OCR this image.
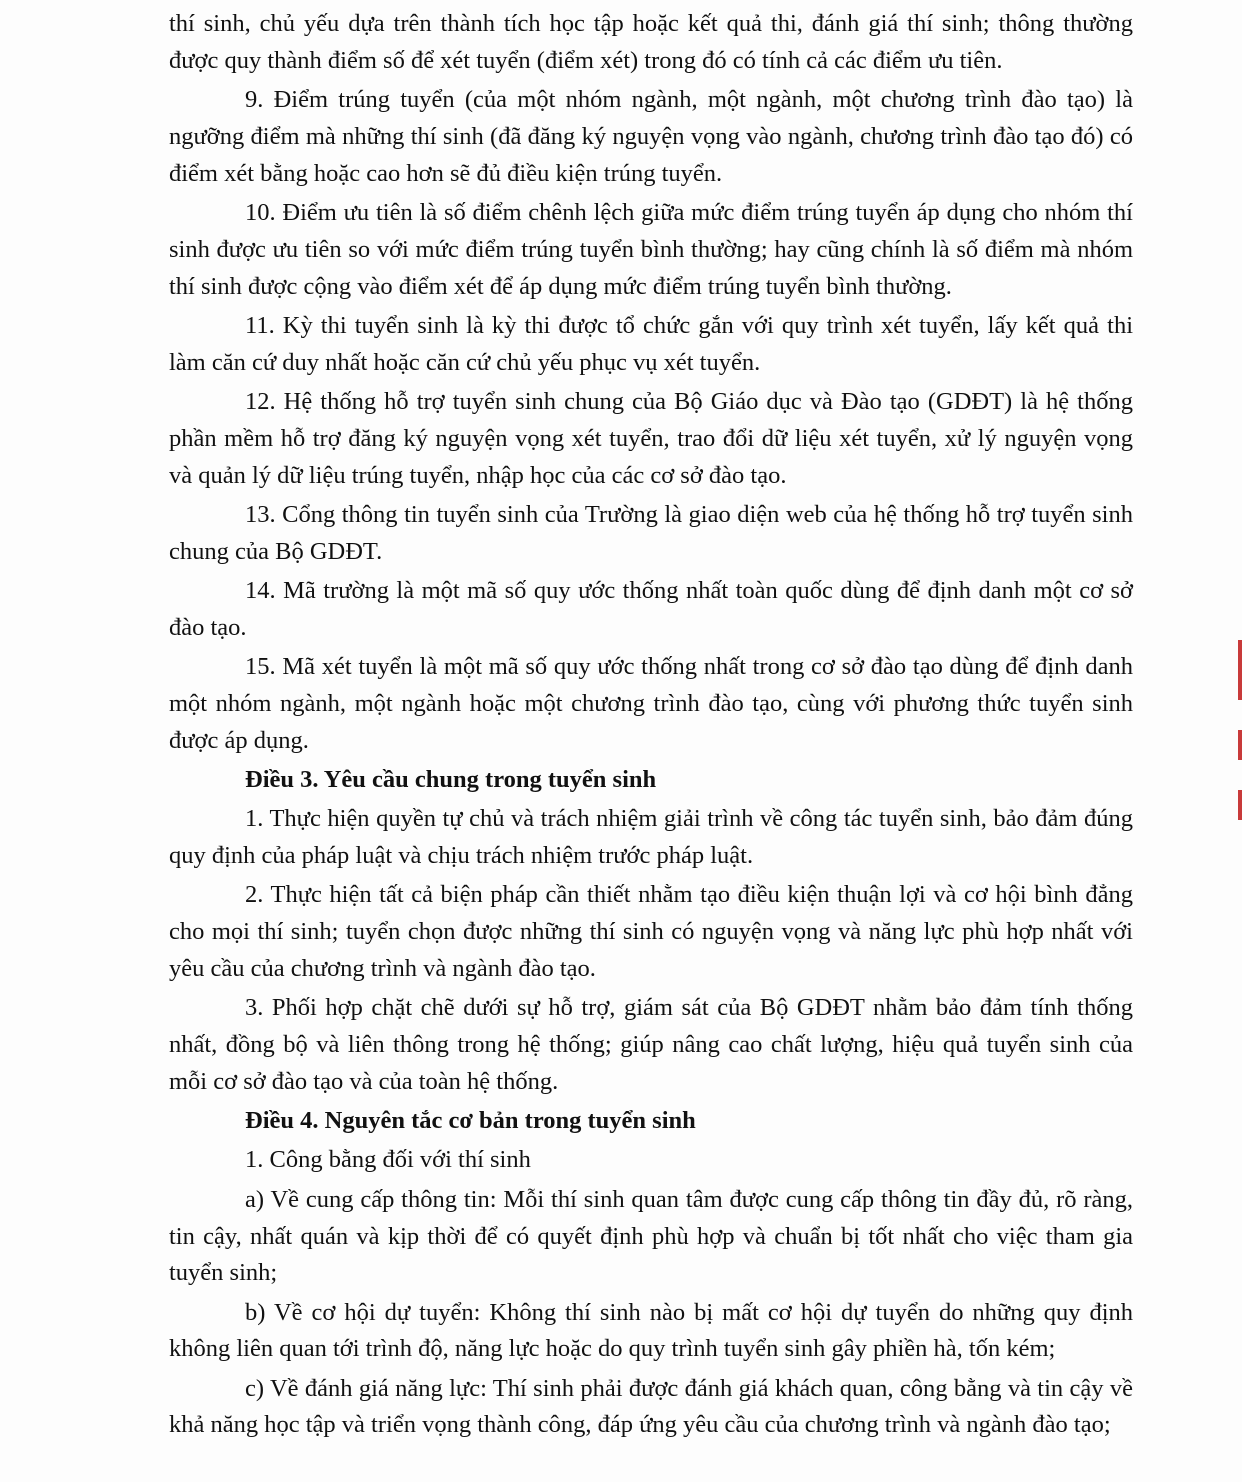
thí sinh, chủ yếu dựa trên thành tích học tập hoặc kết quả thi, đánh giá thí sinh; thông thường được quy thành điểm số để xét tuyển (điểm xét) trong đó có tính cả các điểm ưu tiên.

9. Điểm trúng tuyển (của một nhóm ngành, một ngành, một chương trình đào tạo) là ngưỡng điểm mà những thí sinh (đã đăng ký nguyện vọng vào ngành, chương trình đào tạo đó) có điểm xét bằng hoặc cao hơn sẽ đủ điều kiện trúng tuyển.

10. Điểm ưu tiên là số điểm chênh lệch giữa mức điểm trúng tuyển áp dụng cho nhóm thí sinh được ưu tiên so với mức điểm trúng tuyển bình thường; hay cũng chính là số điểm mà nhóm thí sinh được cộng vào điểm xét để áp dụng mức điểm trúng tuyển bình thường.

11. Kỳ thi tuyển sinh là kỳ thi được tổ chức gắn với quy trình xét tuyển, lấy kết quả thi làm căn cứ duy nhất hoặc căn cứ chủ yếu phục vụ xét tuyển.

12. Hệ thống hỗ trợ tuyển sinh chung của Bộ Giáo dục và Đào tạo (GDĐT) là hệ thống phần mềm hỗ trợ đăng ký nguyện vọng xét tuyển, trao đổi dữ liệu xét tuyển, xử lý nguyện vọng và quản lý dữ liệu trúng tuyển, nhập học của các cơ sở đào tạo.

13. Cổng thông tin tuyển sinh của Trường là giao diện web của hệ thống hỗ trợ tuyển sinh chung của Bộ GDĐT.

14. Mã trường là một mã số quy ước thống nhất toàn quốc dùng để định danh một cơ sở đào tạo.

15. Mã xét tuyển là một mã số quy ước thống nhất trong cơ sở đào tạo dùng để định danh một nhóm ngành, một ngành hoặc một chương trình đào tạo, cùng với phương thức tuyển sinh được áp dụng.

Điều 3. Yêu cầu chung trong tuyển sinh

1. Thực hiện quyền tự chủ và trách nhiệm giải trình về công tác tuyển sinh, bảo đảm đúng quy định của pháp luật và chịu trách nhiệm trước pháp luật.

2. Thực hiện tất cả biện pháp cần thiết nhằm tạo điều kiện thuận lợi và cơ hội bình đẳng cho mọi thí sinh; tuyển chọn được những thí sinh có nguyện vọng và năng lực phù hợp nhất với yêu cầu của chương trình và ngành đào tạo.

3. Phối hợp chặt chẽ dưới sự hỗ trợ, giám sát của Bộ GDĐT nhằm bảo đảm tính thống nhất, đồng bộ và liên thông trong hệ thống; giúp nâng cao chất lượng, hiệu quả tuyển sinh của mỗi cơ sở đào tạo và của toàn hệ thống.

Điều 4. Nguyên tắc cơ bản trong tuyển sinh

1. Công bằng đối với thí sinh

a) Về cung cấp thông tin: Mỗi thí sinh quan tâm được cung cấp thông tin đầy đủ, rõ ràng, tin cậy, nhất quán và kịp thời để có quyết định phù hợp và chuẩn bị tốt nhất cho việc tham gia tuyển sinh;

b) Về cơ hội dự tuyển: Không thí sinh nào bị mất cơ hội dự tuyển do những quy định không liên quan tới trình độ, năng lực hoặc do quy trình tuyển sinh gây phiền hà, tốn kém;

c) Về đánh giá năng lực: Thí sinh phải được đánh giá khách quan, công bằng và tin cậy về khả năng học tập và triển vọng thành công, đáp ứng yêu cầu của chương trình và ngành đào tạo;
